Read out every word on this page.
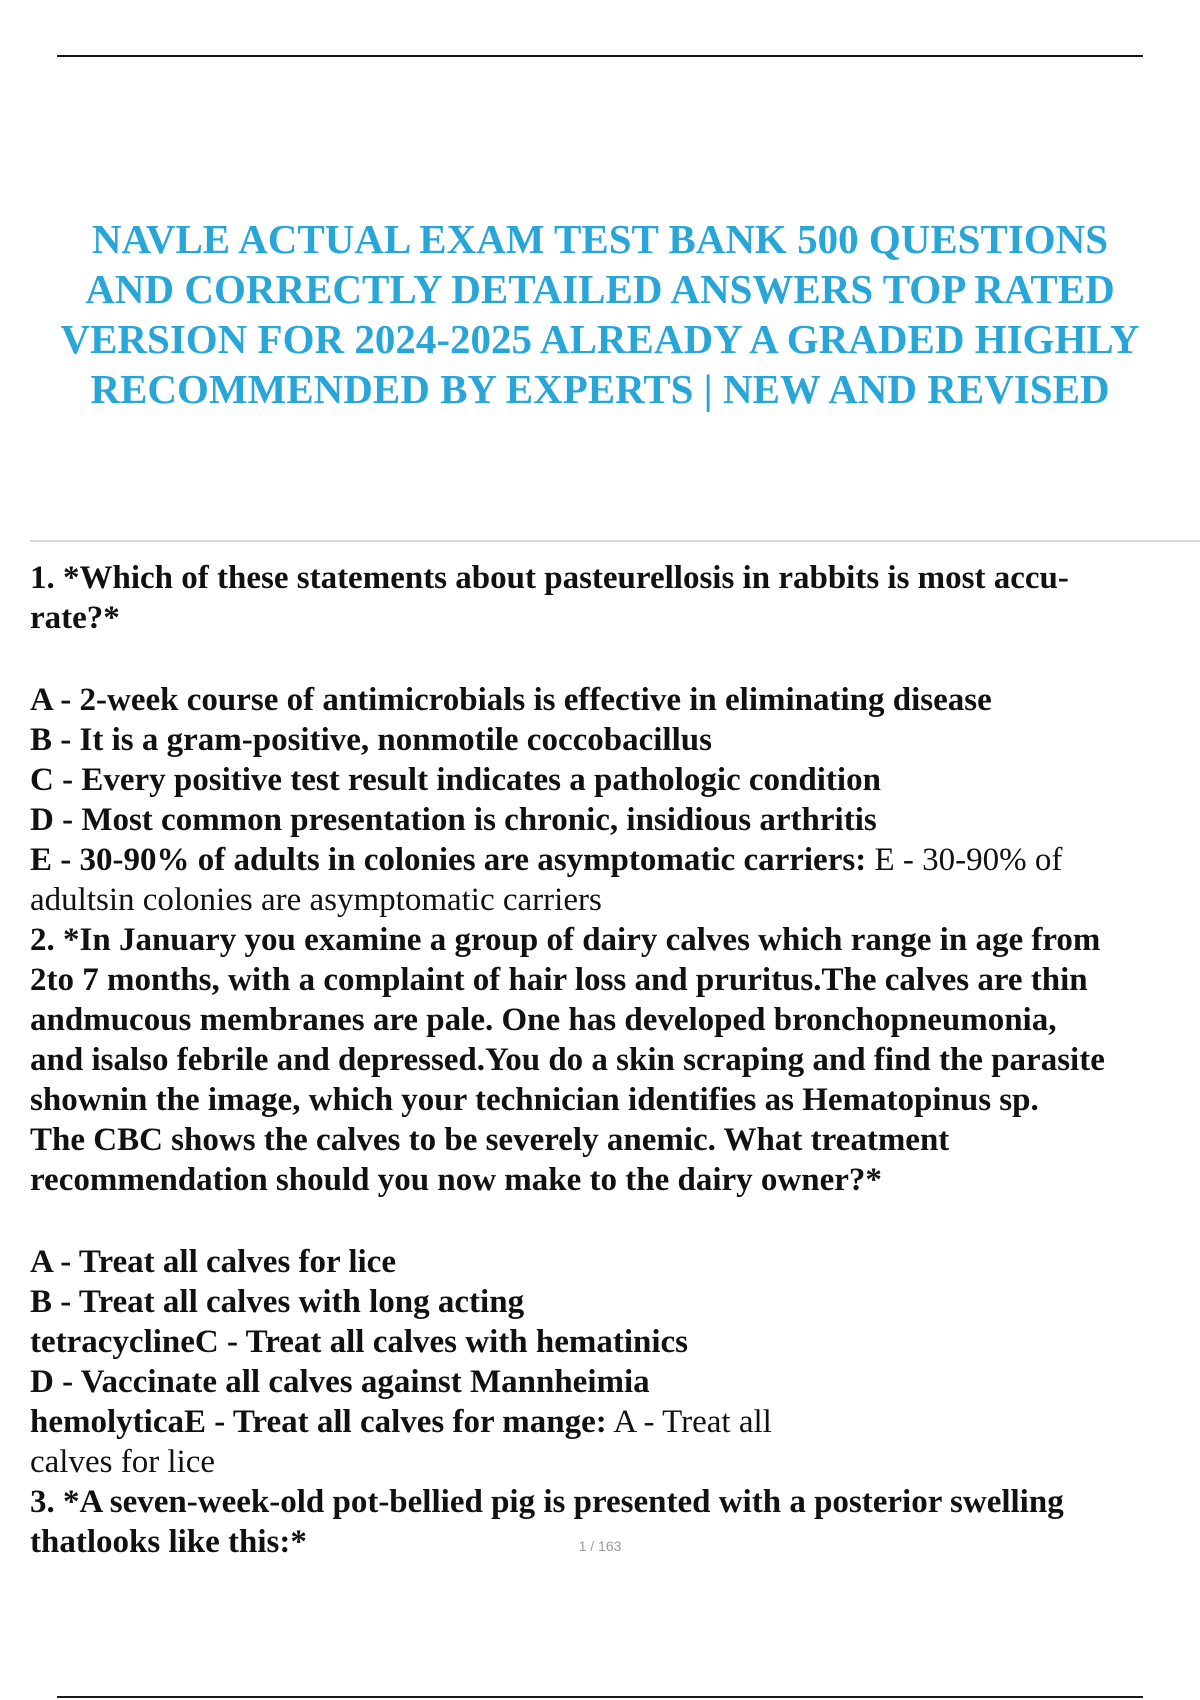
NAVLE ACTUAL EXAM TEST BANK 500 QUESTIONS
AND CORRECTLY DETAILED ANSWERS TOP RATED
VERSION FOR 2024-2025 ALREADY A GRADED HIGHLY
RECOMMENDED BY EXPERTS | NEW AND REVISED
1. *Which of these statements about pasteurellosis in rabbits is most accu-
rate?*
A - 2-week course of antimicrobials is effective in eliminating disease
B - It is a gram-positive, nonmotile coccobacillus
C - Every positive test result indicates a pathologic condition
D - Most common presentation is chronic, insidious arthritis
E - 30-90% of adults in colonies are asymptomatic carriers: E - 30-90% of
adultsin colonies are asymptomatic carriers
2. *In January you examine a group of dairy calves which range in age from
2to 7 months, with a complaint of hair loss and pruritus.The calves are thin
andmucous membranes are pale. One has developed bronchopneumonia,
and isalso febrile and depressed.You do a skin scraping and find the parasite
shownin the image, which your technician identifies as Hematopinus sp.
The CBC shows the calves to be severely anemic. What treatment
recommendation should you now make to the dairy owner?*
A - Treat all calves for lice
B - Treat all calves with long acting
tetracyclineC - Treat all calves with hematinics
D - Vaccinate all calves against Mannheimia
hemolyticaE - Treat all calves for mange: A - Treat all
calves for lice
3. *A seven-week-old pot-bellied pig is presented with a posterior swelling
thatlooks like this:*	1 / 163
